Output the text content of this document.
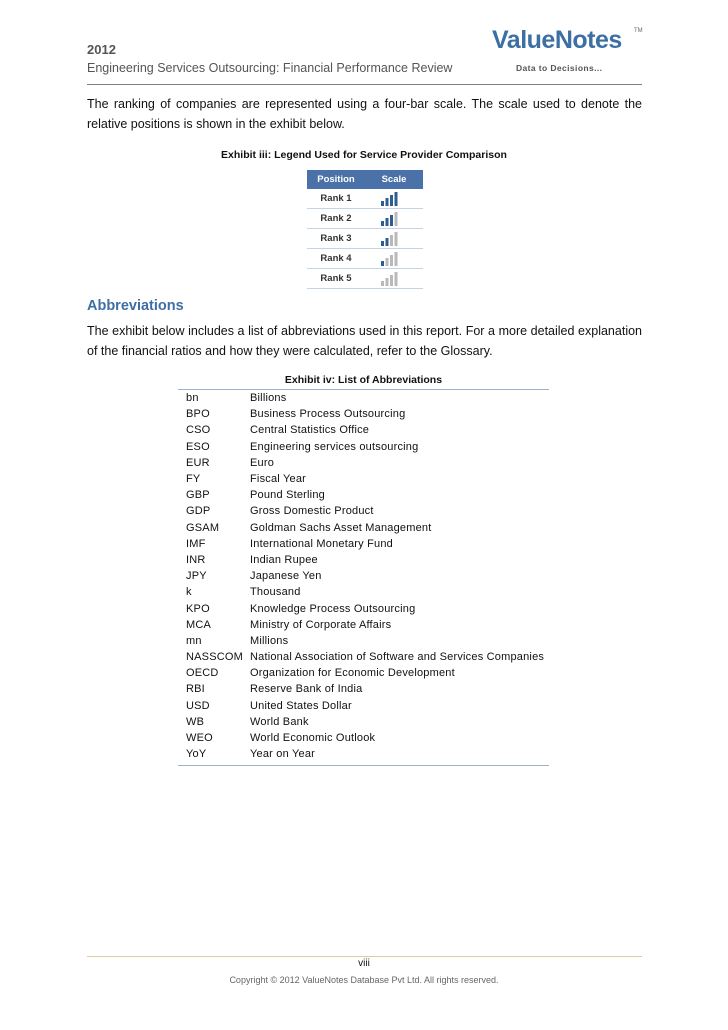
2012
Engineering Services Outsourcing: Financial Performance Review
ValueNotes	TM
Data to Decisions...
The ranking of companies are represented using a four-bar scale. The scale used to denote the relative positions is shown in the exhibit below.
Exhibit iii: Legend Used for Service Provider Comparison
Position	Scale
Rank 1	

Rank 2	

Rank 3	

Rank 4	

Rank 5	
Abbreviations
The exhibit below includes a list of abbreviations used in this report. For a more detailed explanation of the financial ratios and how they were calculated, refer to the Glossary.
Exhibit iv: List of Abbreviations
bn	Billions
BPO	Business Process Outsourcing
CSO	Central Statistics Office
ESO	Engineering services outsourcing
EUR	Euro
FY	Fiscal Year
GBP	Pound Sterling
GDP	Gross Domestic Product
GSAM	Goldman Sachs Asset Management
IMF	International Monetary Fund
INR	Indian Rupee
JPY	Japanese Yen
k	Thousand
KPO	Knowledge Process Outsourcing
MCA	Ministry of Corporate Affairs
mn	Millions
NASSCOM	National Association of Software and Services Companies
OECD	Organization for Economic Development
RBI	Reserve Bank of India
USD	United States Dollar
WB	World Bank
WEO	World Economic Outlook
YoY	Year on Year
viii
Copyright © 2012 ValueNotes Database Pvt Ltd. All rights reserved.
